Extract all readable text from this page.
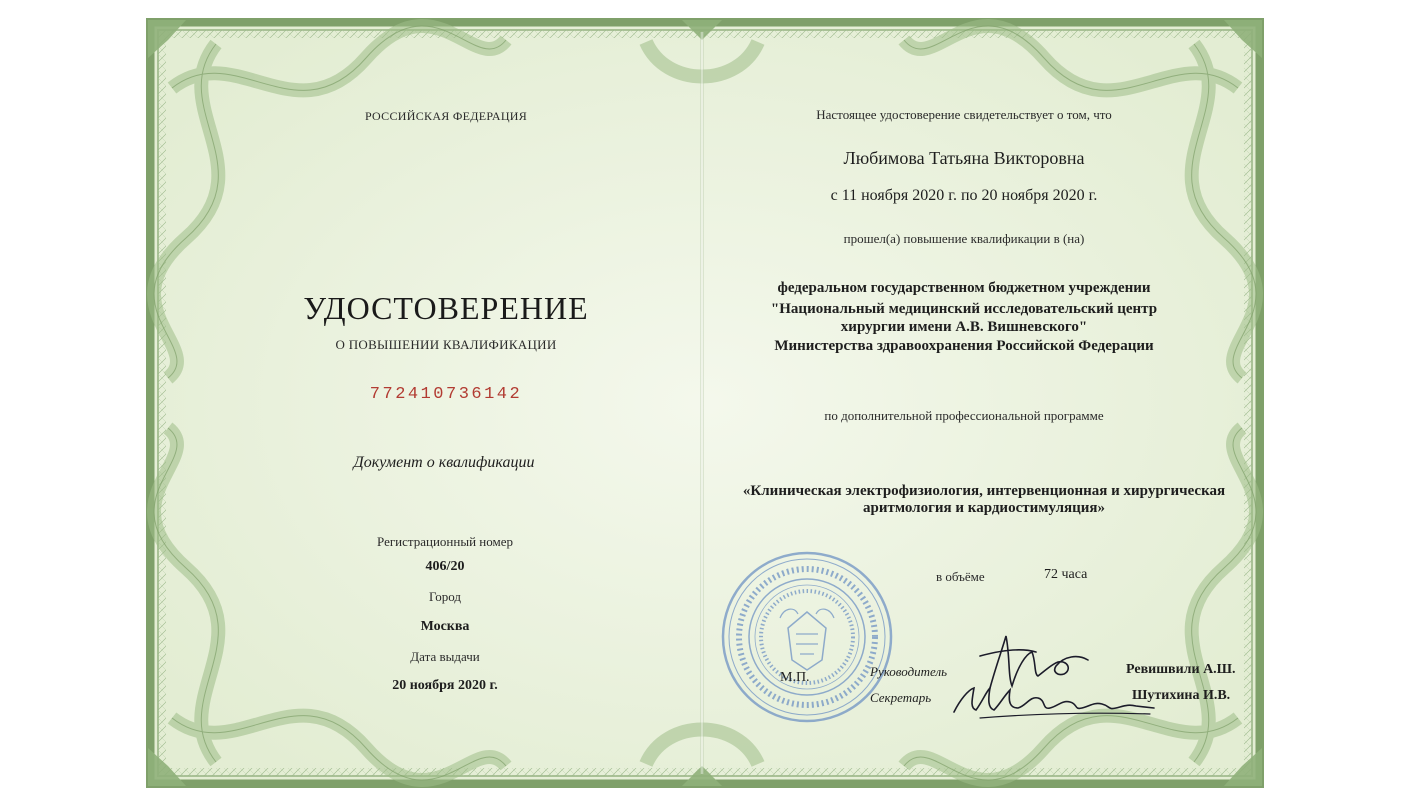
РОССИЙСКАЯ ФЕДЕРАЦИЯ
УДОСТОВЕРЕНИЕ
О ПОВЫШЕНИИ КВАЛИФИКАЦИИ
772410736142
Документ о квалификации
Регистрационный номер
406/20
Город
Москва
Дата выдачи
20 ноября 2020 г.
Настоящее удостоверение свидетельствует о том, что
Любимова Татьяна Викторовна
с 11 ноября 2020 г. по 20 ноября 2020 г.
прошел(а) повышение квалификации в (на)
федеральном государственном бюджетном учреждении
"Национальный медицинский исследовательский центр
хирургии имени А.В. Вишневского"
Министерства здравоохранения Российской Федерации
по дополнительной профессиональной программе
«Клиническая электрофизиология, интервенционная и хирургическая
аритмология и кардиостимуляция»
в объёме	72 часа
М.П.	Руководитель
Секретарь
Ревишвили А.Ш.
Шутихина И.В.
